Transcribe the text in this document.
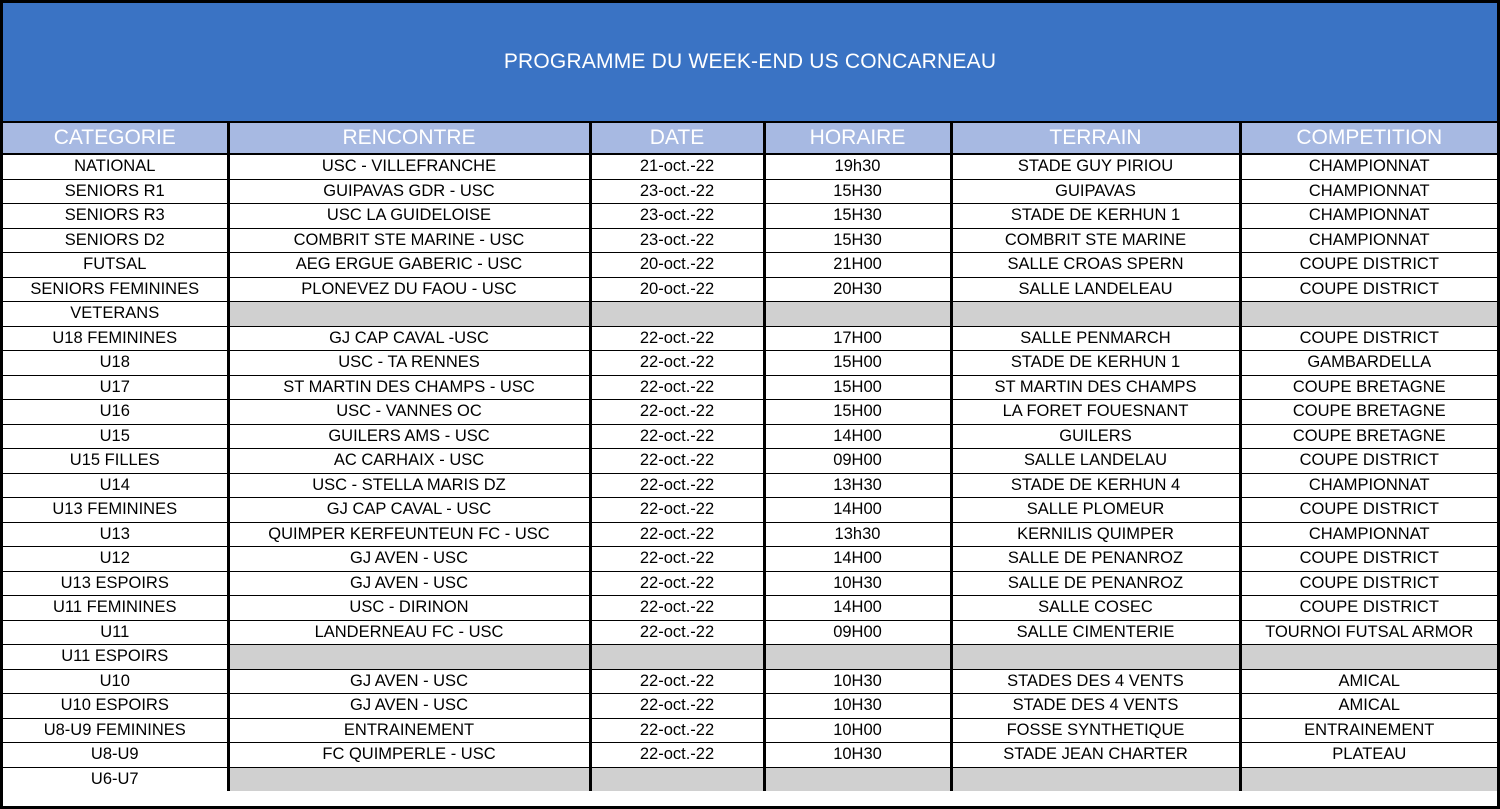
PROGRAMME DU WEEK-END US CONCARNEAU
CATEGORIE	RENCONTRE	DATE	HORAIRE	TERRAIN	COMPETITION
NATIONAL	USC - VILLEFRANCHE	21-oct.-22	19h30	STADE GUY PIRIOU	CHAMPIONNAT
SENIORS R1	GUIPAVAS GDR - USC	23-oct.-22	15H30	GUIPAVAS	CHAMPIONNAT
SENIORS R3	USC LA GUIDELOISE	23-oct.-22	15H30	STADE DE KERHUN 1	CHAMPIONNAT
SENIORS D2	COMBRIT STE MARINE - USC	23-oct.-22	15H30	COMBRIT STE MARINE	CHAMPIONNAT
FUTSAL	AEG ERGUE GABERIC - USC	20-oct.-22	21H00	SALLE CROAS SPERN	COUPE DISTRICT
SENIORS FEMININES	PLONEVEZ DU FAOU - USC	20-oct.-22	20H30	SALLE LANDELEAU	COUPE DISTRICT
VETERANS					
U18 FEMININES	GJ CAP CAVAL -USC	22-oct.-22	17H00	SALLE PENMARCH	COUPE DISTRICT
U18	USC - TA RENNES	22-oct.-22	15H00	STADE DE KERHUN 1	GAMBARDELLA
U17	ST MARTIN DES CHAMPS - USC	22-oct.-22	15H00	ST MARTIN DES CHAMPS	COUPE BRETAGNE
U16	USC - VANNES OC	22-oct.-22	15H00	LA FORET FOUESNANT	COUPE BRETAGNE
U15	GUILERS AMS - USC	22-oct.-22	14H00	GUILERS	COUPE BRETAGNE
U15 FILLES	AC CARHAIX - USC	22-oct.-22	09H00	SALLE LANDELAU	COUPE DISTRICT
U14	USC - STELLA MARIS DZ	22-oct.-22	13H30	STADE DE KERHUN 4	CHAMPIONNAT
U13 FEMININES	GJ CAP CAVAL - USC	22-oct.-22	14H00	SALLE PLOMEUR	COUPE DISTRICT
U13	QUIMPER KERFEUNTEUN FC - USC	22-oct.-22	13h30	KERNILIS QUIMPER	CHAMPIONNAT
U12	GJ AVEN - USC	22-oct.-22	14H00	SALLE DE PENANROZ	COUPE DISTRICT
U13 ESPOIRS	GJ AVEN - USC	22-oct.-22	10H30	SALLE DE PENANROZ	COUPE DISTRICT
U11 FEMININES	USC - DIRINON	22-oct.-22	14H00	SALLE COSEC	COUPE DISTRICT
U11	LANDERNEAU FC - USC	22-oct.-22	09H00	SALLE CIMENTERIE	TOURNOI FUTSAL ARMOR
U11 ESPOIRS					
U10	GJ AVEN - USC	22-oct.-22	10H30	STADES DES 4 VENTS	AMICAL
U10 ESPOIRS	GJ AVEN - USC	22-oct.-22	10H30	STADE DES 4 VENTS	AMICAL
U8-U9 FEMININES	ENTRAINEMENT	22-oct.-22	10H00	FOSSE SYNTHETIQUE	ENTRAINEMENT
U8-U9	FC QUIMPERLE - USC	22-oct.-22	10H30	STADE JEAN CHARTER	PLATEAU
U6-U7					
